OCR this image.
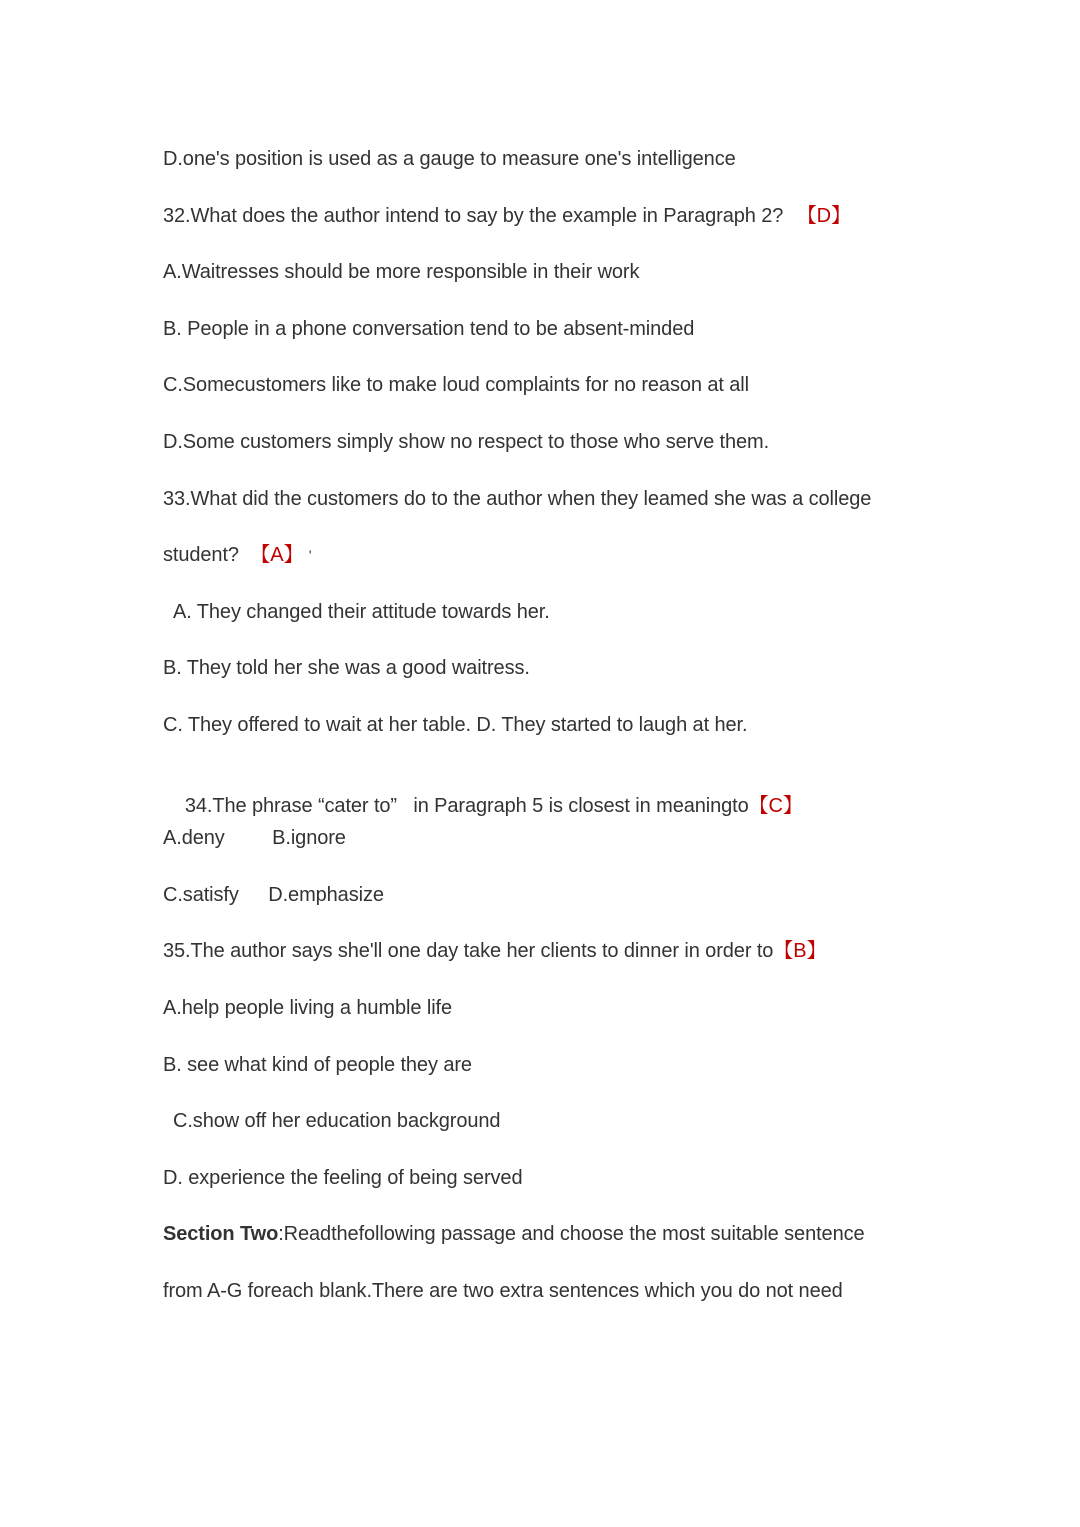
D.one's position is used as a gauge to measure one's intelligence
32.What does the author intend to say by the example in Paragraph 2? 【D】
A.Waitresses should be more responsible in their work
B. People in a phone conversation tend to be absent-minded
C.Somecustomers like to make loud complaints for no reason at all
D.Some customers simply show no respect to those who serve them.
33.What did the customers do to the author when they leamed she was a college
student? 【A】 '
A. They changed their attitude towards her.
B. They told her she was a good waitress.
C. They offered to wait at her table. D. They started to laugh at her.

34.The phrase “cater to”   in Paragraph 5 is closest in meaningto【C】

A.deny B.ignore
C.satisfy D.emphasize
35.The author says she'll one day take her clients to dinner in order to【B】
A.help people living a humble life
B. see what kind of people they are
C.show off her education background
D. experience the feeling of being served
Section Two:Readthefollowing passage and choose the most suitable sentence
from A-G foreach blank.There are two extra sentences which you do not need
